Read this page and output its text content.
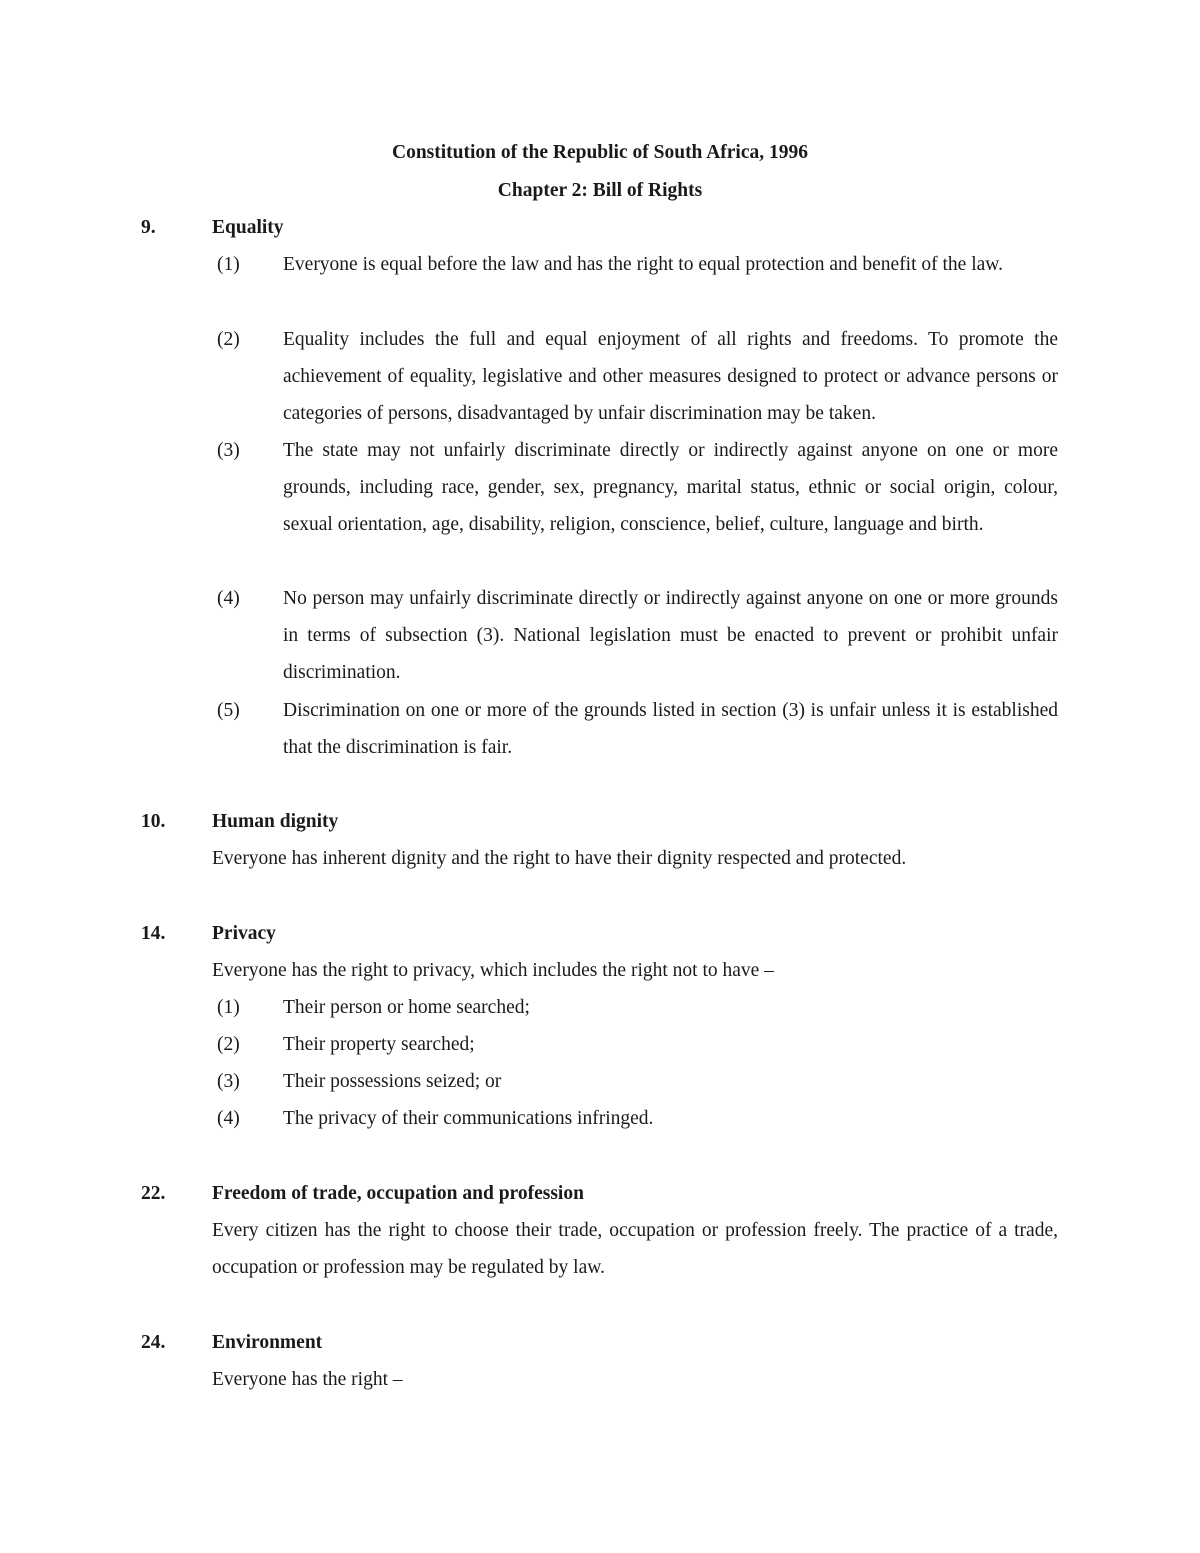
Constitution of the Republic of South Africa, 1996
Chapter 2: Bill of Rights
9.	Equality
(1) Everyone is equal before the law and has the right to equal protection and benefit of the law.
(2) Equality includes the full and equal enjoyment of all rights and freedoms. To promote the achievement of equality, legislative and other measures designed to protect or advance persons or categories of persons, disadvantaged by unfair discrimination may be taken.
(3) The state may not unfairly discriminate directly or indirectly against anyone on one or more grounds, including race, gender, sex, pregnancy, marital status, ethnic or social origin, colour, sexual orientation, age, disability, religion, conscience, belief, culture, language and birth.
(4) No person may unfairly discriminate directly or indirectly against anyone on one or more grounds in terms of subsection (3). National legislation must be enacted to prevent or prohibit unfair discrimination.
(5) Discrimination on one or more of the grounds listed in section (3) is unfair unless it is established that the discrimination is fair.
10. Human dignity
Everyone has inherent dignity and the right to have their dignity respected and protected.
14. Privacy
Everyone has the right to privacy, which includes the right not to have –
(1) Their person or home searched;
(2) Their property searched;
(3) Their possessions seized; or
(4) The privacy of their communications infringed.
22. Freedom of trade, occupation and profession
Every citizen has the right to choose their trade, occupation or profession freely. The practice of a trade, occupation or profession may be regulated by law.
24. Environment
Everyone has the right –
